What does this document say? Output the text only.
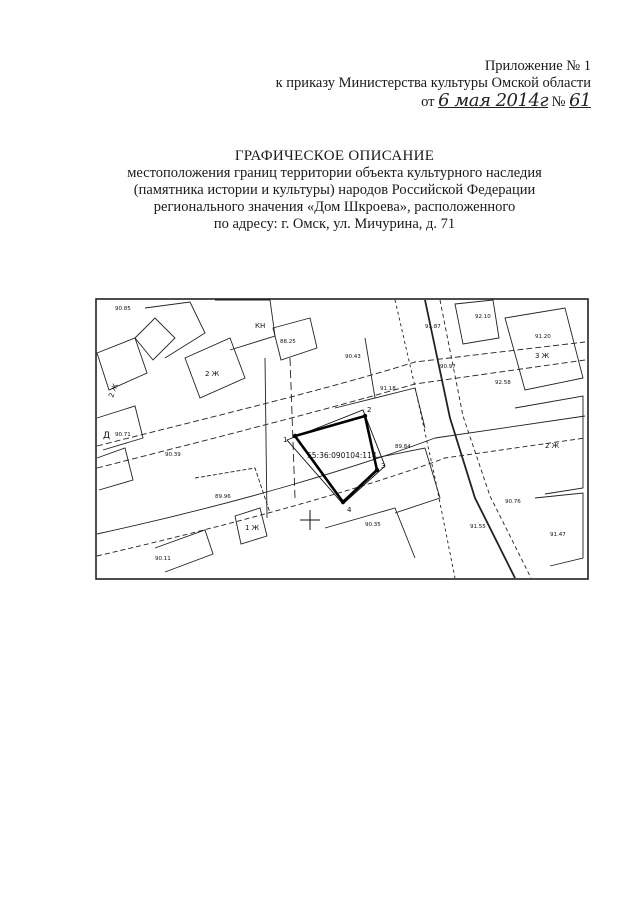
Приложение № 1
к приказу Министерства культуры Омской области
от 6 мая 2014г № 61
ГРАФИЧЕСКОЕ ОПИСАНИЕ
местоположения границ территории объекта культурного наследия
(памятника истории и культуры) народов Российской Федерации
регионального значения «Дом Шкроева», расположенного
по адресу: г. Омск, ул. Мичурина, д. 71
1
2
3
4
55:36:090104:114
2 Ж
2 Ж
3 Ж
2 Ж
1 Ж
КН
Д
90.85
90.71
90.39
89.96
88.25
90.43
91.18
90.35
89.84
91.87
90.97
91.55
92.58
91.20
90.76
91.47
92.10
90.11
